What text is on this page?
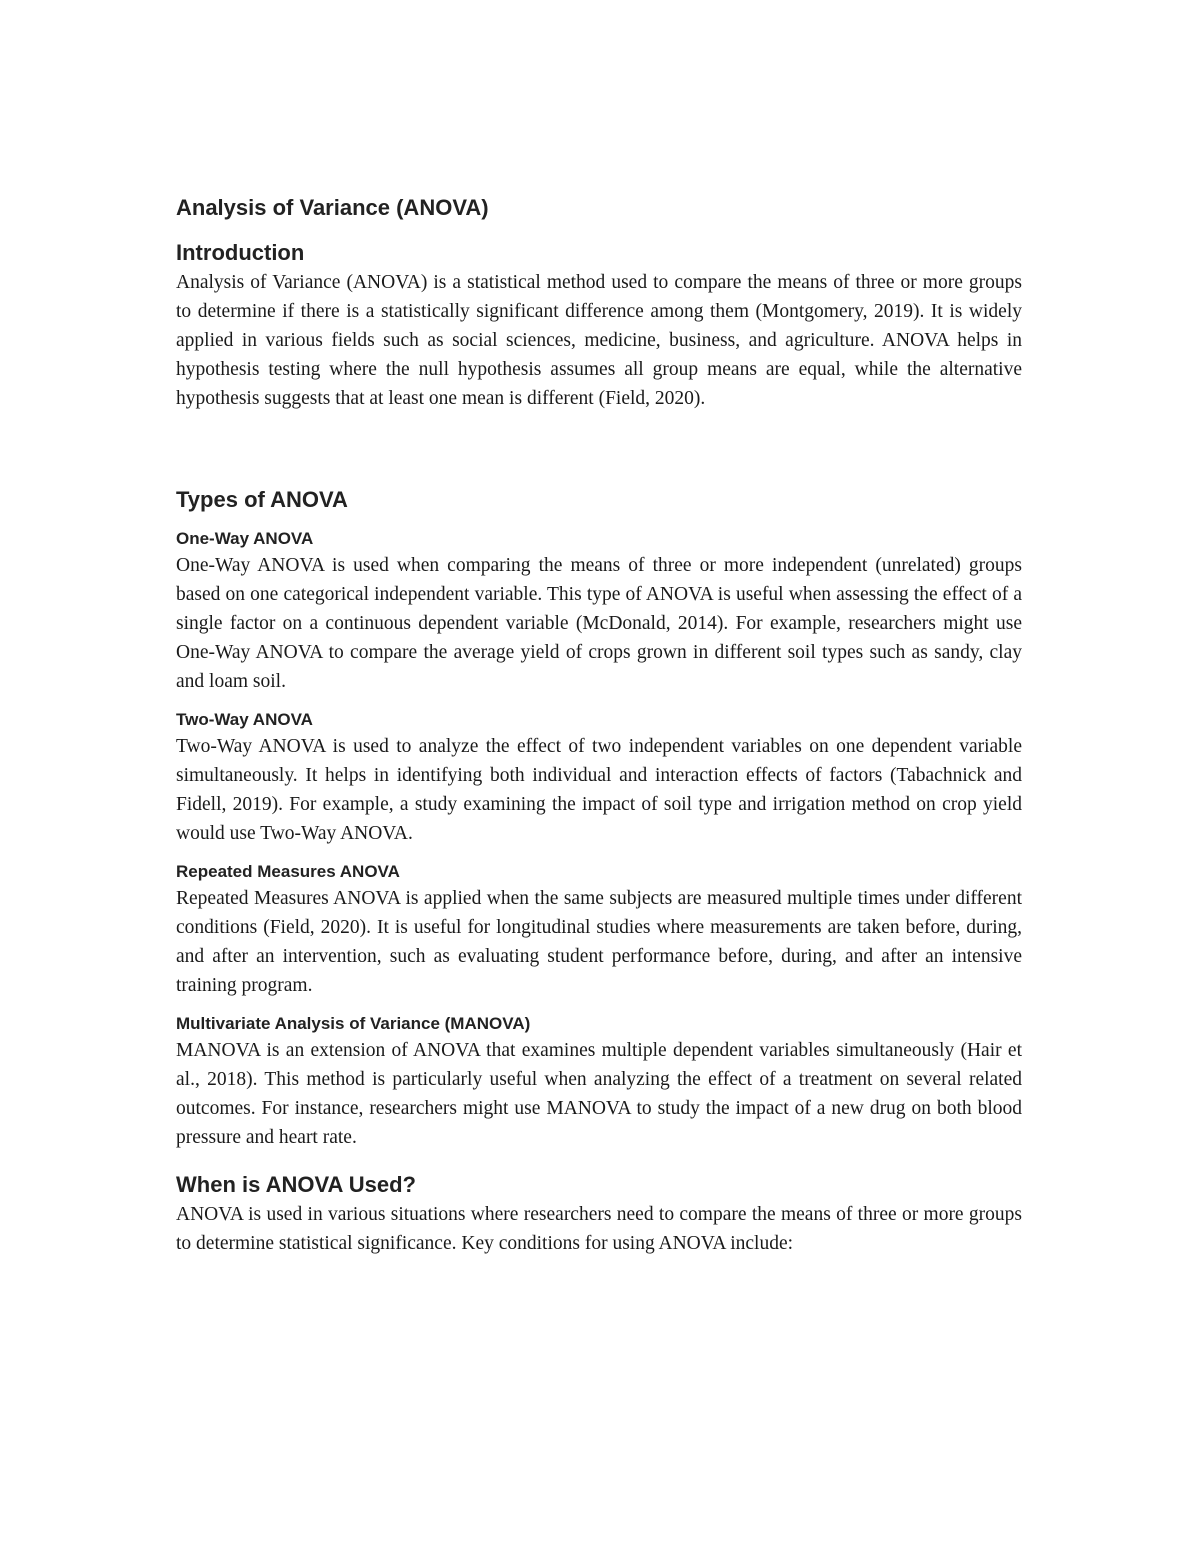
Analysis of Variance (ANOVA)
Introduction

Analysis of Variance (ANOVA) is a statistical method used to compare the means of three or more groups to determine if there is a statistically significant difference among them (Montgomery, 2019). It is widely applied in various fields such as social sciences, medicine, business, and agriculture. ANOVA helps in hypothesis testing where the null hypothesis assumes all group means are equal, while the alternative hypothesis suggests that at least one mean is different (Field, 2020).

Types of ANOVA
One-Way ANOVA

One-Way ANOVA is used when comparing the means of three or more independent (unrelated) groups based on one categorical independent variable. This type of ANOVA is useful when assessing the effect of a single factor on a continuous dependent variable (McDonald, 2014). For example, researchers might use One-Way ANOVA to compare the average yield of crops grown in different soil types such as sandy, clay and loam soil.

Two-Way ANOVA

Two-Way ANOVA is used to analyze the effect of two independent variables on one dependent variable simultaneously. It helps in identifying both individual and interaction effects of factors (Tabachnick and Fidell, 2019). For example, a study examining the impact of soil type and irrigation method on crop yield would use Two-Way ANOVA.

Repeated Measures ANOVA

Repeated Measures ANOVA is applied when the same subjects are measured multiple times under different conditions (Field, 2020). It is useful for longitudinal studies where measurements are taken before, during, and after an intervention, such as evaluating student performance before, during, and after an intensive training program.

Multivariate Analysis of Variance (MANOVA)

MANOVA is an extension of ANOVA that examines multiple dependent variables simultaneously (Hair et al., 2018). This method is particularly useful when analyzing the effect of a treatment on several related outcomes. For instance, researchers might use MANOVA to study the impact of a new drug on both blood pressure and heart rate.

When is ANOVA Used?

ANOVA is used in various situations where researchers need to compare the means of three or more groups to determine statistical significance. Key conditions for using ANOVA include:
